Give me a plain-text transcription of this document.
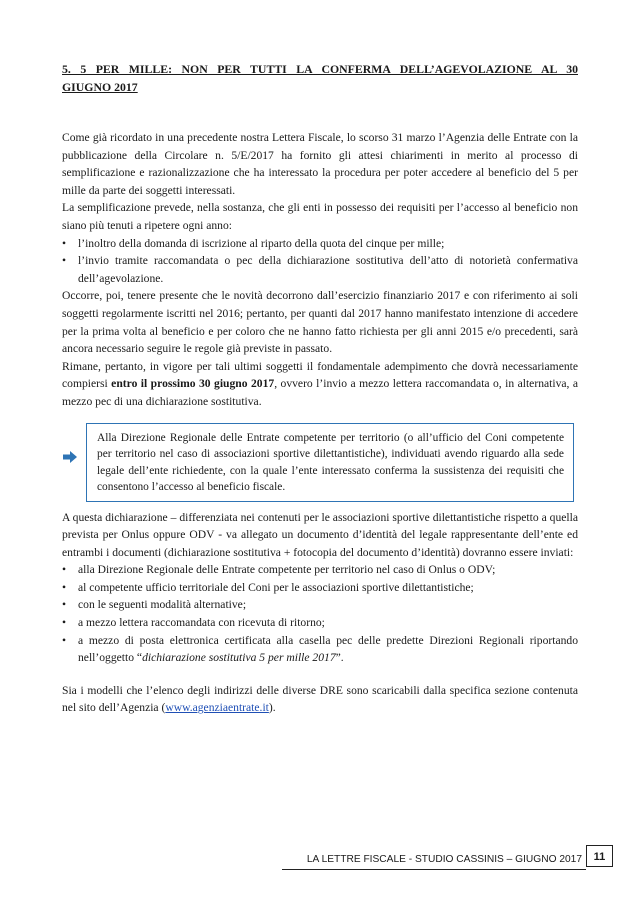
5. 5 PER MILLE: NON PER TUTTI LA CONFERMA DELL’AGEVOLAZIONE AL 30
GIUGNO 2017

Come già ricordato in una precedente nostra Lettera Fiscale, lo scorso 31 marzo l’Agenzia delle Entrate con la pubblicazione della Circolare n. 5/E/2017 ha fornito gli attesi chiarimenti in merito al processo di semplificazione e razionalizzazione che ha interessato la procedura per poter accedere al beneficio del 5 per mille da parte dei soggetti interessati.

La semplificazione prevede, nella sostanza, che gli enti in possesso dei requisiti per l’accesso al beneficio non siano più tenuti a ripetere ogni anno:

• l’inoltro della domanda di iscrizione al riparto della quota del cinque per mille;
• l’invio tramite raccomandata o pec della dichiarazione sostitutiva dell’atto di notorietà confermativa dell’agevolazione.

Occorre, poi, tenere presente che le novità decorrono dall’esercizio finanziario 2017 e con riferimento ai soli soggetti regolarmente iscritti nel 2016; pertanto, per quanti dal 2017 hanno manifestato intenzione di accedere per la prima volta al beneficio e per coloro che ne hanno fatto richiesta per gli anni 2015 e/o precedenti, sarà ancora necessario seguire le regole già previste in passato.

Rimane, pertanto, in vigore per tali ultimi soggetti il fondamentale adempimento che dovrà necessariamente compiersi entro il prossimo 30 giugno 2017, ovvero l’invio a mezzo lettera raccomandata o, in alternativa, a mezzo pec di una dichiarazione sostitutiva.

Alla Direzione Regionale delle Entrate competente per territorio (o all’ufficio del Coni competente per territorio nel caso di associazioni sportive dilettantistiche), individuati avendo riguardo alla sede legale dell’ente richiedente, con la quale l’ente interessato conferma la sussistenza dei requisiti che consentono l’accesso al beneficio fiscale.

A questa dichiarazione – differenziata nei contenuti per le associazioni sportive dilettantistiche rispetto a quella prevista per Onlus oppure ODV - va allegato un documento d’identità del legale rappresentante dell’ente ed entrambi i documenti (dichiarazione sostitutiva + fotocopia del documento d’identità) dovranno essere inviati:

• alla Direzione Regionale delle Entrate competente per territorio nel caso di Onlus o ODV;
• al competente ufficio territoriale del Coni per le associazioni sportive dilettantistiche;
• con le seguenti modalità alternative;
• a mezzo lettera raccomandata con ricevuta di ritorno;
• a mezzo di posta elettronica certificata alla casella pec delle predette Direzioni Regionali riportando nell’oggetto “dichiarazione sostitutiva 5 per mille 2017”.

Sia i modelli che l’elenco degli indirizzi delle diverse DRE sono scaricabili dalla specifica sezione contenuta nel sito dell’Agenzia (www.agenziaentrate.it).

LA LETTRE FISCALE - STUDIO CASSINIS – GIUGNO 2017	11
